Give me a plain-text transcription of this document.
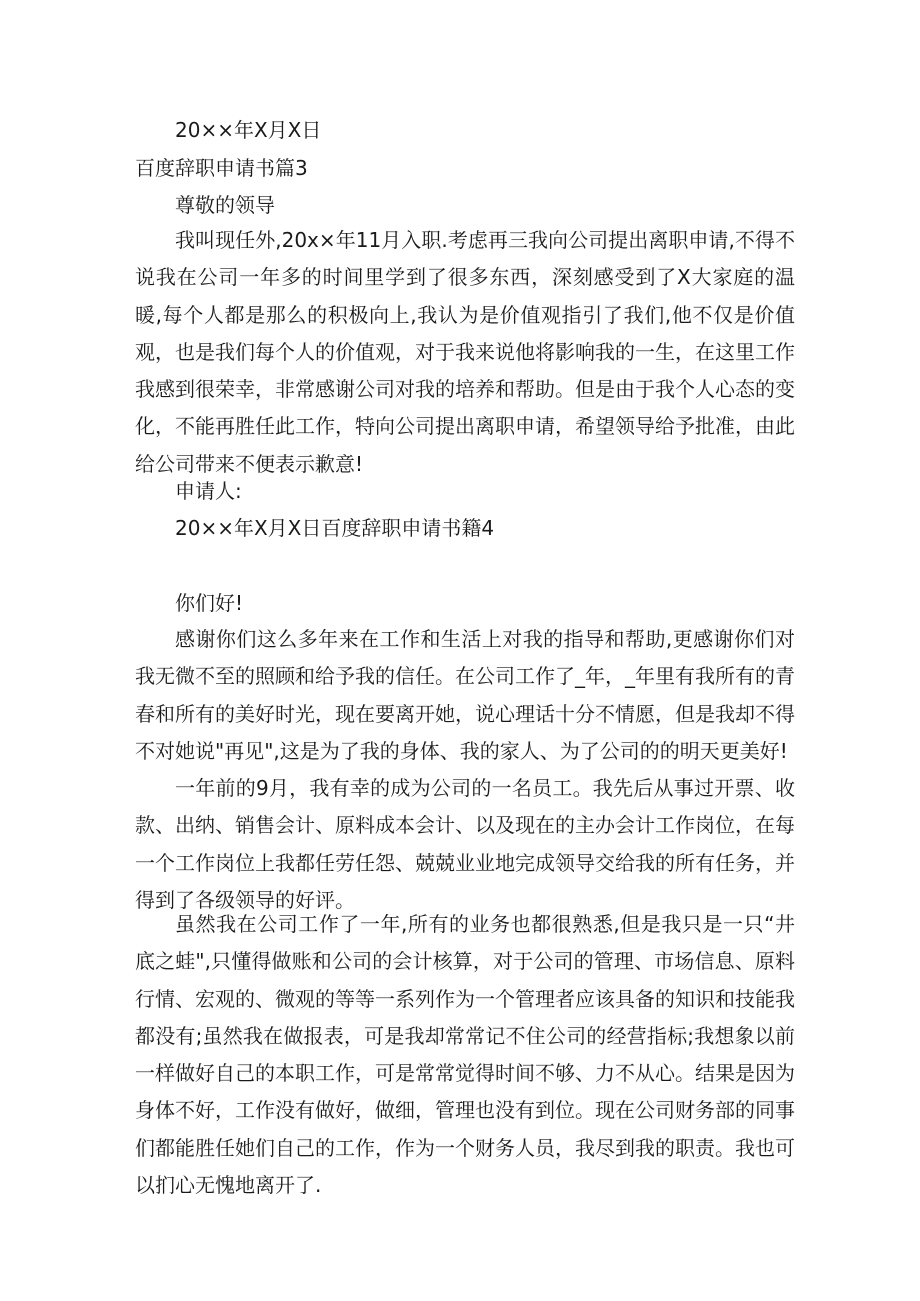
20××年X月X日

百度辞职申请书篇3

尊敬的领导

我叫现任外,20x×年11月入职.考虑再三我向公司提出离职申请,不得不说我在公司一年多的时间里学到了很多东西，深刻感受到了X大家庭的温暖,每个人都是那么的积极向上,我认为是价值观指引了我们,他不仅是价值观，也是我们每个人的价值观，对于我来说他将影响我的一生，在这里工作我感到很荣幸，非常感谢公司对我的培养和帮助。但是由于我个人心态的变化，不能再胜任此工作，特向公司提出离职申请，希望领导给予批准，由此给公司带来不便表示歉意!

申请人:

20××年X月X日百度辞职申请书籍4

你们好!

感谢你们这么多年来在工作和生活上对我的指导和帮助,更感谢你们对我无微不至的照顾和给予我的信任。在公司工作了_年，_年里有我所有的青春和所有的美好时光，现在要离开她，说心理话十分不情愿，但是我却不得不对她说"再见",这是为了我的身体、我的家人、为了公司的的明天更美好!

一年前的9月，我有幸的成为公司的一名员工。我先后从事过开票、收款、出纳、销售会计、原料成本会计、以及现在的主办会计工作岗位，在每一个工作岗位上我都任劳任怨、兢兢业业地完成领导交给我的所有任务，并得到了各级领导的好评。

虽然我在公司工作了一年,所有的业务也都很熟悉,但是我只是一只“井底之蛙",只懂得做账和公司的会计核算，对于公司的管理、市场信息、原料行情、宏观的、微观的等等一系列作为一个管理者应该具备的知识和技能我都没有;虽然我在做报表，可是我却常常记不住公司的经营指标;我想象以前一样做好自己的本职工作，可是常常觉得时间不够、力不从心。结果是因为身体不好，工作没有做好，做细，管理也没有到位。现在公司财务部的同事们都能胜任她们自己的工作，作为一个财务人员，我尽到我的职责。我也可以扪心无愧地离开了.
